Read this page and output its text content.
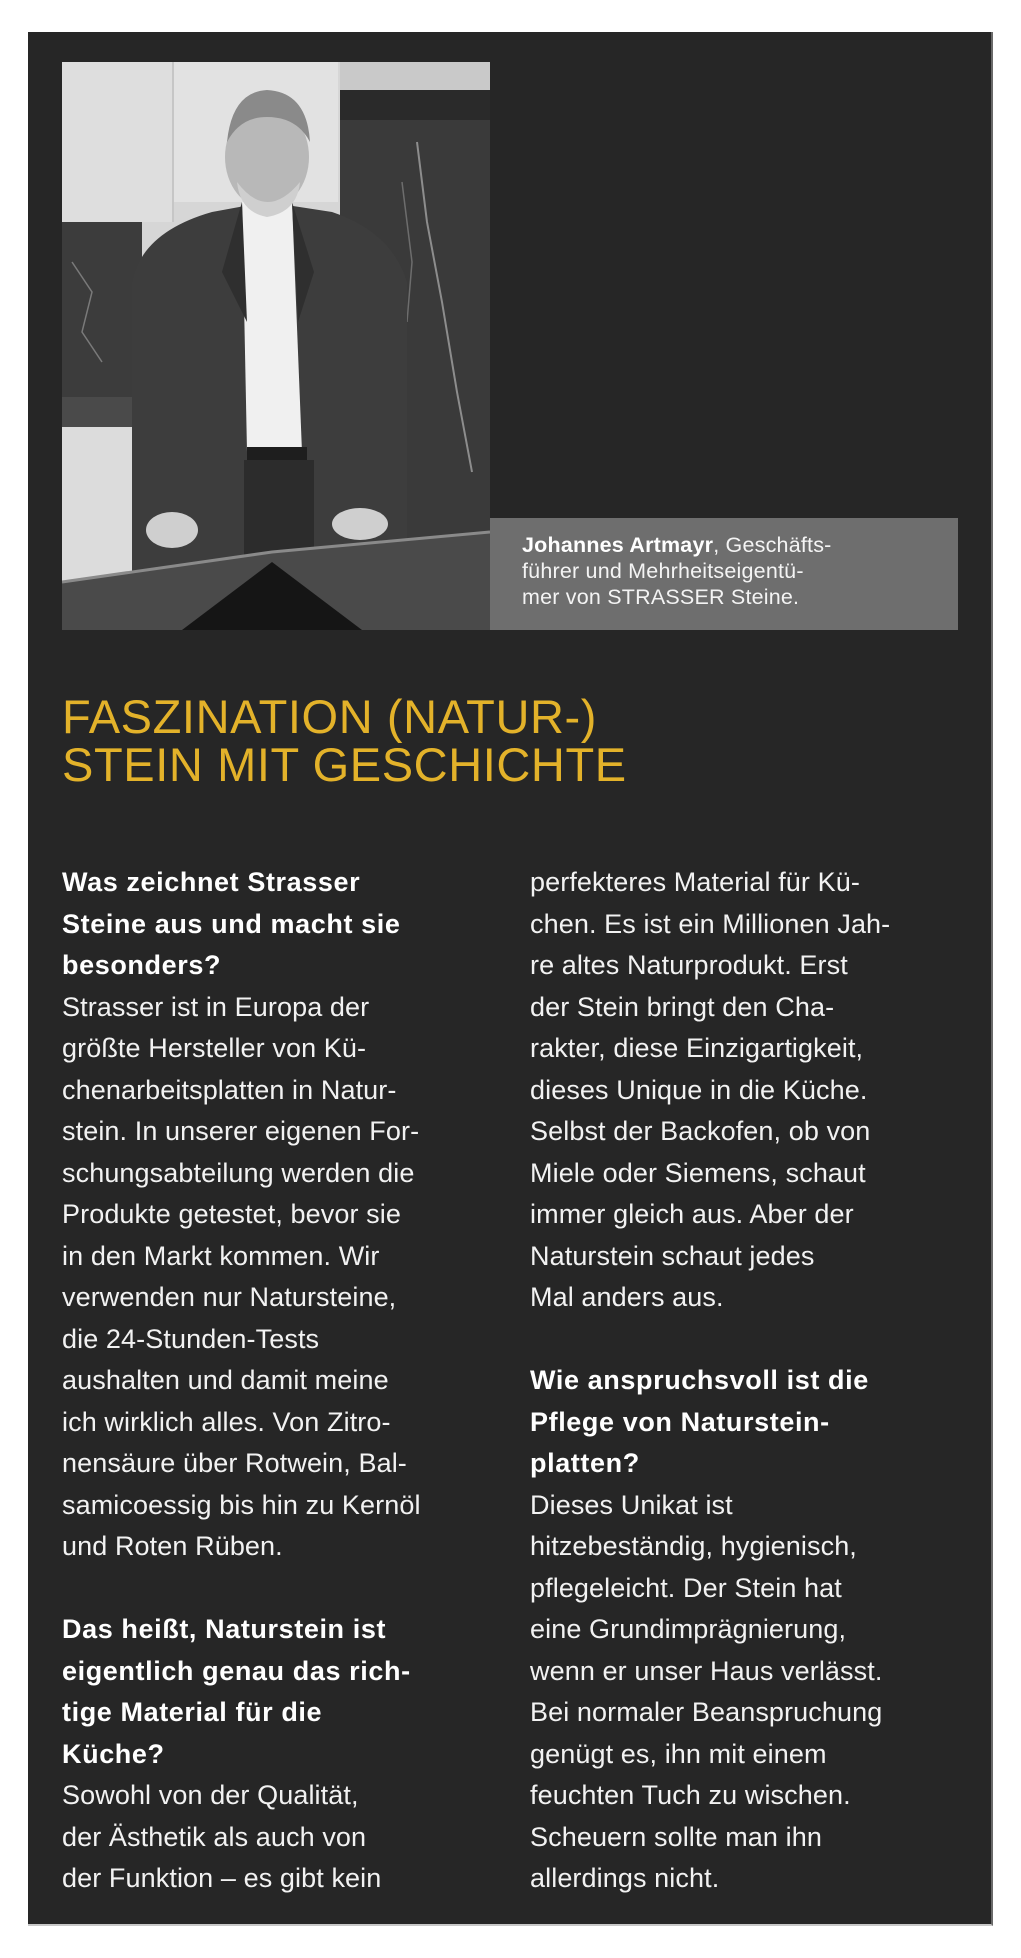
Johannes Artmayr, Geschäfts-
führer und Mehrheitseigentü-
mer von STRASSER Steine.
FASZINATION (NATUR-)
STEIN MIT GESCHICHTE
Was zeichnet Strasser
Steine aus und macht sie
besonders?
Strasser ist in Europa der
größte Hersteller von Kü-
chenarbeitsplatten in Natur-
stein. In unserer eigenen For-
schungsabteilung werden die
Produkte getestet, bevor sie
in den Markt kommen. Wir
verwenden nur Natursteine,
die 24-Stunden-Tests
aushalten und damit meine
ich wirklich alles. Von Zitro-
nensäure über Rotwein, Bal-
samicoessig bis hin zu Kernöl
und Roten Rüben.
Das heißt, Naturstein ist
eigentlich genau das rich-
tige Material für die
Küche?
Sowohl von der Qualität,
der Ästhetik als auch von
der Funktion – es gibt kein
perfekteres Material für Kü-
chen. Es ist ein Millionen Jah-
re altes Naturprodukt. Erst
der Stein bringt den Cha-
rakter, diese Einzigartigkeit,
dieses Unique in die Küche.
Selbst der Backofen, ob von
Miele oder Siemens, schaut
immer gleich aus. Aber der
Naturstein schaut jedes
Mal anders aus.
Wie anspruchsvoll ist die
Pflege von Naturstein-
platten?
Dieses Unikat ist
hitzebeständig, hygienisch,
pflegeleicht. Der Stein hat
eine Grundimprägnierung,
wenn er unser Haus verlässt.
Bei normaler Beanspruchung
genügt es, ihn mit einem
feuchten Tuch zu wischen.
Scheuern sollte man ihn
allerdings nicht.
